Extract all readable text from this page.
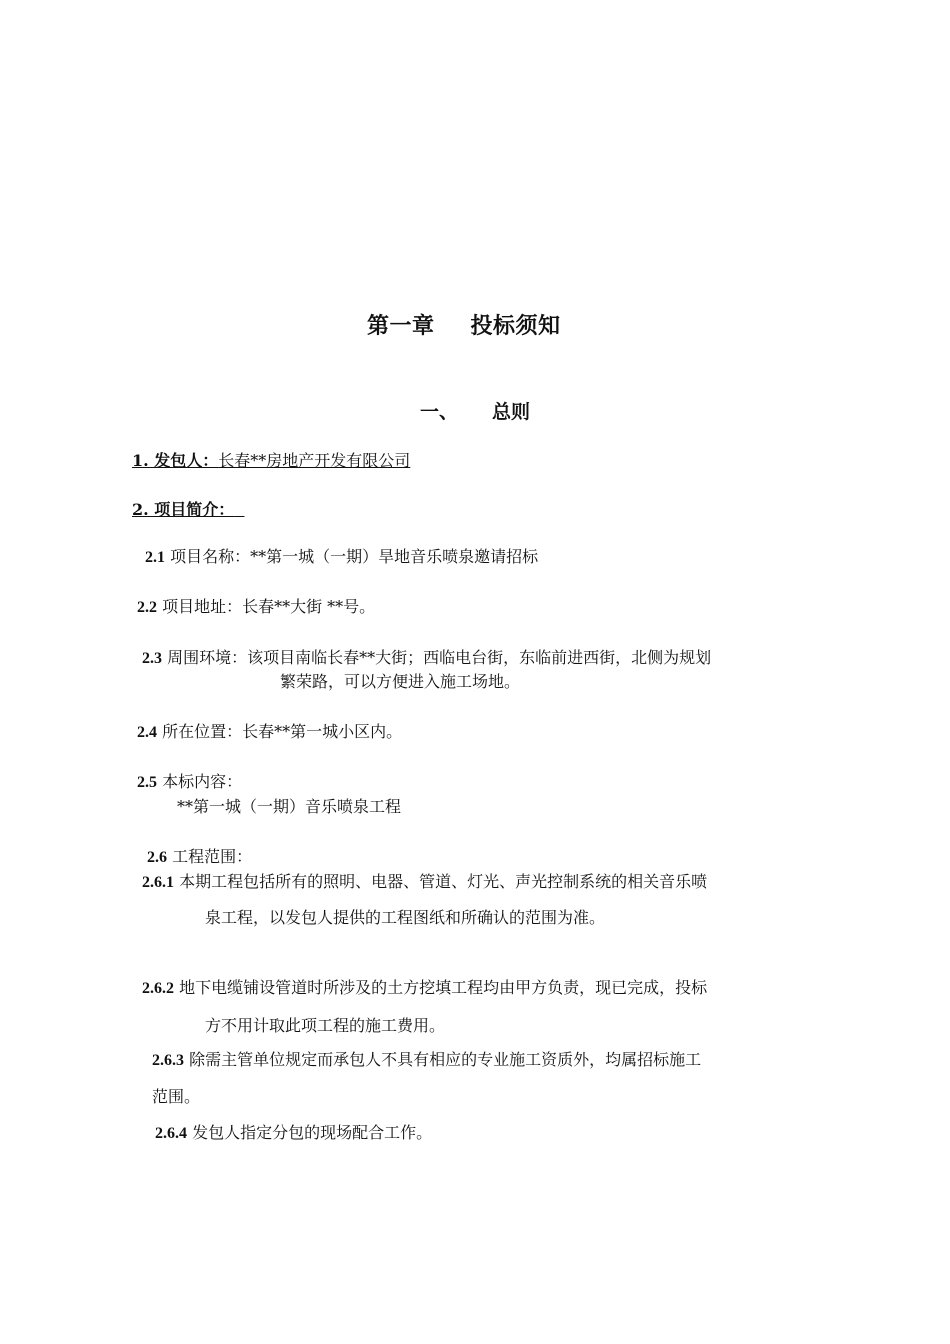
第一章 投标须知
一、 总则
1. 发包人：长春**房地产开发有限公司
2. 项目简介：
2.1 项目名称：**第一城（一期）旱地音乐喷泉邀请招标
2.2 项目地址：长春**大街 **号。
2.3 周围环境：该项目南临长春**大街；西临电台街，东临前进西街，北侧为规划
繁荣路，可以方便进入施工场地。
2.4 所在位置：长春**第一城小区内。
2.5 本标内容：
**第一城（一期）音乐喷泉工程
2.6 工程范围：
2.6.1 本期工程包括所有的照明、电器、管道、灯光、声光控制系统的相关音乐喷
泉工程，以发包人提供的工程图纸和所确认的范围为准。
2.6.2 地下电缆铺设管道时所涉及的土方挖填工程均由甲方负责，现已完成，投标
方不用计取此项工程的施工费用。
2.6.3 除需主管单位规定而承包人不具有相应的专业施工资质外，均属招标施工
范围。
2.6.4 发包人指定分包的现场配合工作。
